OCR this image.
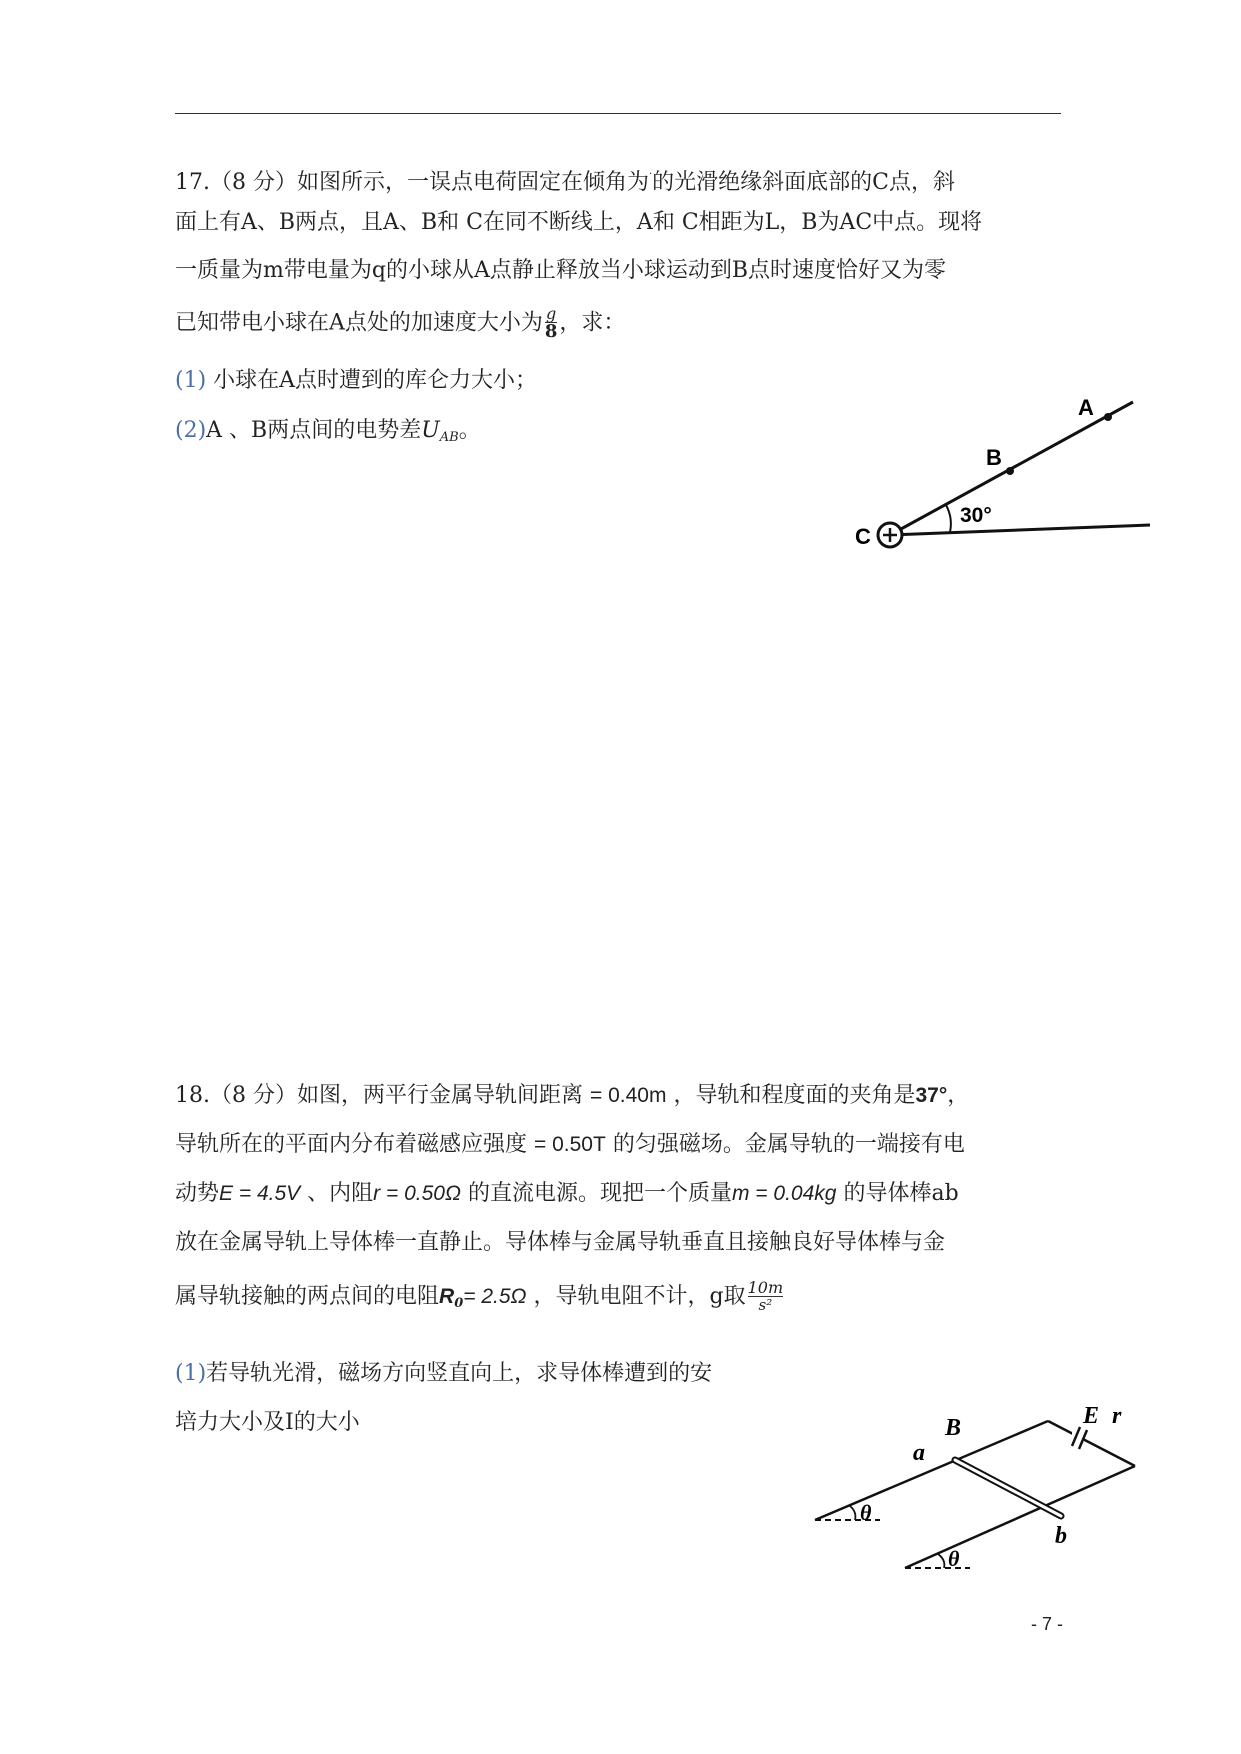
17.（8 分）如图所示，一误点电荷固定在倾角为·的光滑绝缘斜面底部的C点，斜
面上有A、B两点，且A、B和 C在同不断线上，A和 C相距为L，B为AC中点。现将
一质量为m带电量为q的小球从A点静止释放当小球运动到B点时速度恰好又为零
已知带电小球在A点处的加速度大小为 $\frac{g}{8}$ ，求：
(1) 小球在A点时遭到的库仑力大小；
(2)A 、B两点间的电势差$U_{AB}$。
A
B
C
30°
18.（8 分）如图，两平行金属导轨间距离 = 0.40m ，导轨和程度面的夹角是37°，
导轨所在的平面内分布着磁感应强度 = 0.50T 的匀强磁场。金属导轨的一端接有电
动势E = 4.5V 、内阻r = 0.50Ω 的直流电源。现把一个质量m = 0.04kg 的导体棒ab
放在金属导轨上导体棒一直静止。导体棒与金属导轨垂直且接触良好导体棒与金
属导轨接触的两点间的电阻$R_0= 2.5\Omega$ ，导轨电阻不计，g取 $\frac{10m}{\text{s²}}$
(1)若导轨光滑，磁场方向竖直向上，求导体棒遭到的安
培力大小及I的大小
a
B	E r
b
θ
θ
- 7 -
